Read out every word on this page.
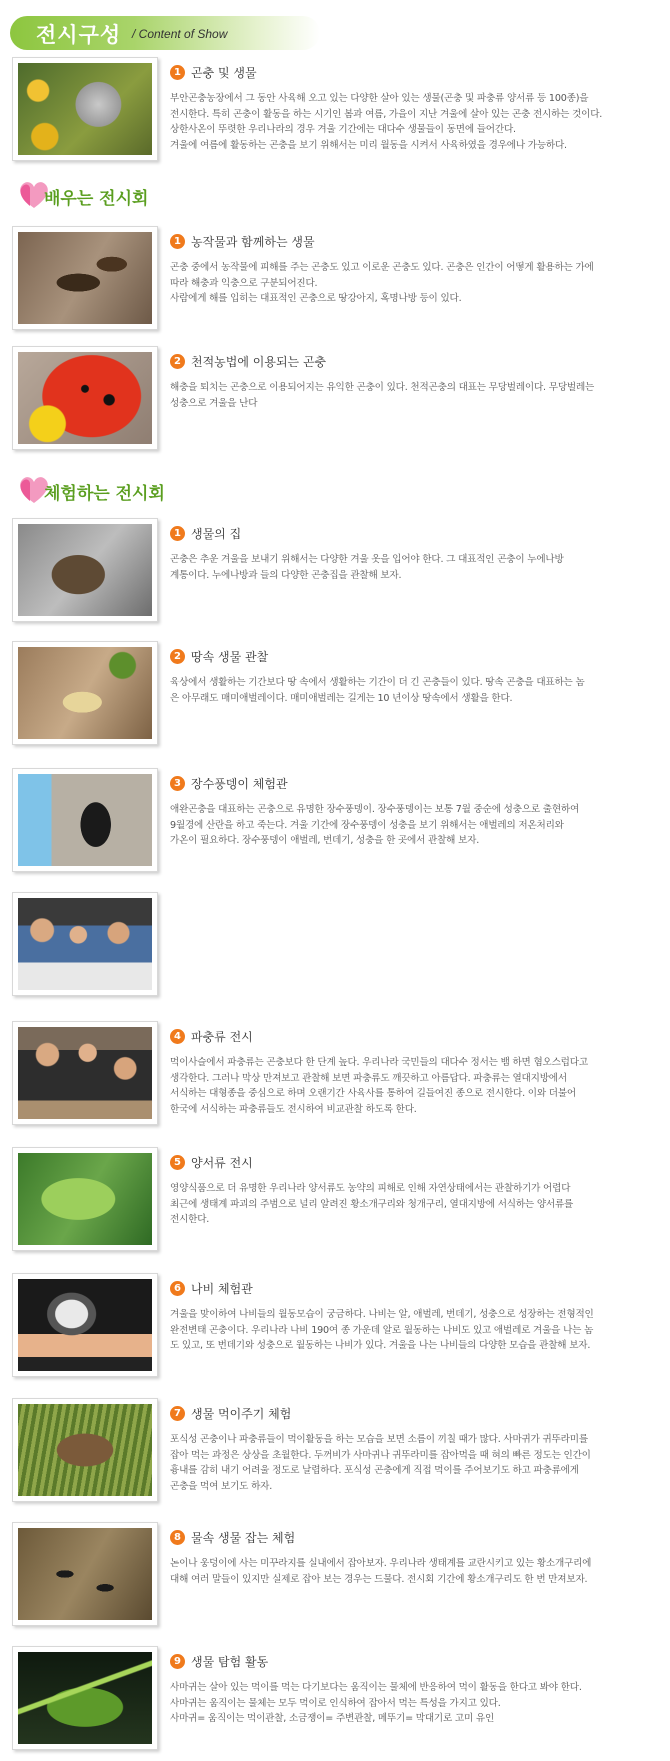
전시구성 / Content of Show
1 곤충 및 생물
부안곤충농장에서 그 동안 사육해 오고 있는 다양한 살아 있는 생물(곤충 및 파충류 양서류 등 100종)을
전시한다. 특히 곤충이 활동을 하는 시기인 봄과 여름, 가을이 지난 겨울에 살아 있는 곤충 전시하는 것이다.
상한사온이 뚜렷한 우리나라의 경우 겨울 기간에는 대다수 생물들이 동면에 들어간다.
겨울에 여름에 활동하는 곤충을 보기 위해서는 미리 월동을 시켜서 사육하였을 경우에나 가능하다.
배우는 전시회
1 농작물과 함께하는 생물
곤충 중에서 농작물에 피해를 주는 곤충도 있고 이로운 곤충도 있다. 곤충은 인간이 어떻게 활용하는 가에
따라 해충과 익충으로 구분되어진다.
사람에게 해를 입히는 대표적인 곤충으로 땅강아지, 혹명나방 등이 있다.
2 천적농법에 이용되는 곤충
해충을 퇴치는 곤충으로 이용되어지는 유익한 곤충이 있다. 천적곤충의 대표는 무당벌레이다. 무당벌레는
성충으로 겨울을 난다
체험하는 전시회
1 생물의 집
곤충은 추운 겨울을 보내기 위해서는 다양한 겨울 옷을 입어야 한다. 그 대표적인 곤충이 누에나방
계통이다. 누에나방과 들의 다양한 곤충집을 관찰해 보자.
2 땅속 생물 관찰
육상에서 생활하는 기간보다 땅 속에서 생활하는 기간이 더 긴 곤충들이 있다. 땅속 곤충을 대표하는 놈
은 아무래도 매미애벌레이다. 매미애벌레는 길게는 10 년이상 땅속에서 생활을 한다.
3 장수풍뎅이 체험관
애완곤충을 대표하는 곤충으로 유명한 장수풍뎅이. 장수풍뎅이는 보통 7월 중순에 성충으로 출현하여
9월경에 산란을 하고 죽는다. 겨울 기간에 장수풍뎅이 성충을 보기 위해서는 애벌레의 저온처리와
가온이 필요하다. 장수풍뎅이 애벌레, 번데기, 성충을 한 곳에서 관찰해 보자.
4 파충류 전시
먹이사슬에서 파충류는 곤충보다 한 단계 높다. 우리나라 국민들의 대다수 정서는 뱀 하면 혐오스럽다고
생각한다. 그러나 막상 만져보고 관찰해 보면 파충류도 깨끗하고 아름답다. 파충류는 열대지방에서
서식하는 대형종을 중심으로 하며 오랜기간 사육사를 통하여 길들여진 종으로 전시한다. 이와 더불어
한국에 서식하는 파충류들도 전시하여 비교관찰 하도록 한다.
5 양서류 전시
영양식품으로 더 유명한 우리나라 양서류도 농약의 피해로 인해 자연상태에서는 관찰하기가 어렵다
최근에 생태계 파괴의 주범으로 널리 알려진 황소개구리와 청개구리, 열대지방에 서식하는 양서류를
전시한다.
6 나비 체험관
겨울을 맞이하여 나비들의 월동모습이 궁금하다. 나비는 알, 애벌레, 번데기, 성충으로 성장하는 전형적인
완전변태 곤충이다. 우리나라 나비 190여 종 가운데 알로 월동하는 나비도 있고 애벌레로 겨울을 나는 놈
도 있고, 또 번데기와 성충으로 월동하는 나비가 있다. 겨울을 나는 나비들의 다양한 모습을 관찰해 보자.
7 생물 먹이주기 체험
포식성 곤충이나 파충류들이 먹이활동을 하는 모습을 보면 소름이 끼칠 때가 많다. 사마귀가 귀뚜라미를
잡아 먹는 과정은 상상을 초월한다. 두꺼비가 사마귀나 귀뚜라미를 잡아먹을 때 혀의 빠른 정도는 인간이
흉내를 감히 내기 어려울 정도로 날렵하다. 포식성 곤충에게 직접 먹이를 주어보기도 하고 파충류에게
곤충을 먹여 보기도 하자.
8 물속 생물 잡는 체험
논이나 웅덩이에 사는 미꾸라지를 실내에서 잡아보자. 우리나라 생태계를 교란시키고 있는 황소개구리에
대해 여러 말들이 있지만 실제로 잡아 보는 경우는 드물다. 전시회 기간에 황소개구리도 한 번 만져보자.
9 생물 탐험 활동
사마귀는 살아 있는 먹이를 먹는 다기보다는 움직이는 물체에 반응하여 먹이 활동을 한다고 봐야 한다.
사마귀는 움직이는 물체는 모두 먹이로 인식하여 잡아서 먹는 특성을 가지고 있다.
사마귀= 움직이는 먹이관찰, 소금쟁이= 주변관찰, 메뚜기= 막대기로 고미 유인
